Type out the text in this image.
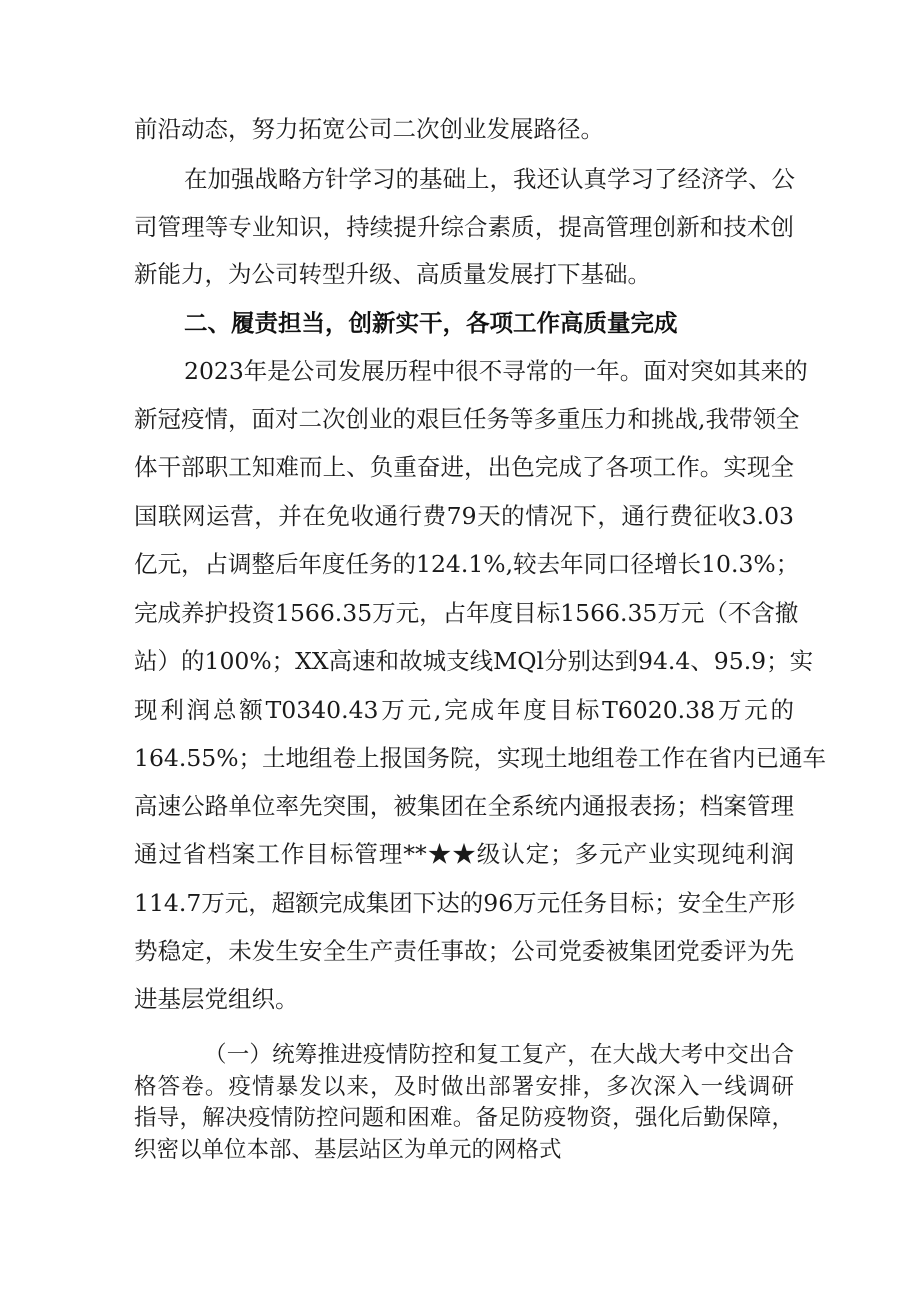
前沿动态，努力拓宽公司二次创业发展路径。

在加强战略方针学习的基础上，我还认真学习了经济学、公

司管理等专业知识，持续提升综合素质，提高管理创新和技术创

新能力，为公司转型升级、高质量发展打下基础。

二、履责担当，创新实干，各项工作高质量完成

2023年是公司发展历程中很不寻常的一年。面对突如其来的

新冠疫情，面对二次创业的艰巨任务等多重压力和挑战,我带领全

体干部职工知难而上、负重奋进，出色完成了各项工作。实现全

国联网运营，并在免收通行费79天的情况下，通行费征收3.03

亿元，占调整后年度任务的124.1%,较去年同口径增长10.3%；

完成养护投资1566.35万元，占年度目标1566.35万元（不含撤

站）的100%；XX高速和故城支线MQl分别达到94.4、95.9；实

现利润总额T0340.43万元,完成年度目标T6020.38万元的

164.55%；土地组卷上报国务院，实现土地组卷工作在省内已通车

高速公路单位率先突围，被集团在全系统内通报表扬；档案管理

通过省档案工作目标管理**★★级认定；多元产业实现纯利润

114.7万元，超额完成集团下达的96万元任务目标；安全生产形

势稳定，未发生安全生产责任事故；公司党委被集团党委评为先

进基层党组织。

（一）统筹推进疫情防控和复工复产，在大战大考中交出合

格答卷。疫情暴发以来，及时做出部署安排，多次深入一线调研

指导，解决疫情防控问题和困难。备足防疫物资，强化后勤保障，

织密以单位本部、基层站区为单元的网格式
